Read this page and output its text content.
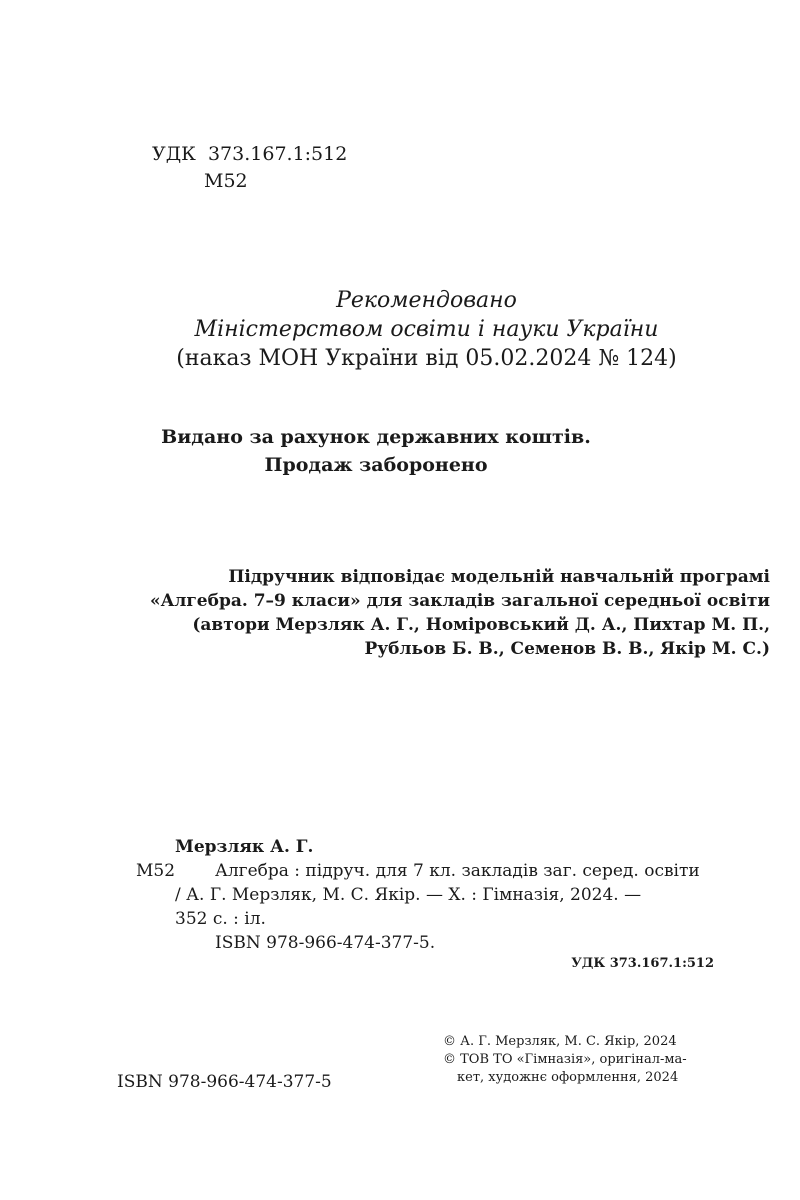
УДК  373.167.1:512
М52
Рекомендовано
Міністерством освіти і науки України
(наказ МОН України від 05.02.2024 № 124)
Видано за рахунок державних коштів.
Продаж заборонено
Підручник відповідає модельній навчальній програмі
«Алгебра. 7–9 класи» для закладів загальної середньої освіти
(автори Мерзляк А. Г., Номіровський Д. А., Пихтар М. П.,
Рубльов Б. В., Семенов В. В., Якір М. С.)
Мерзляк А. Г.
М52	Алгебра : підруч. для 7 кл. закладів заг. серед. освіти
/ А. Г. Мерзляк, М. С. Якір. — Х. : Гімназія, 2024. —
352 с. : іл.
ISBN 978-966-474-377-5.
УДК 373.167.1:512
© А. Г. Мерзляк, М. С. Якір, 2024
© ТОВ ТО «Гімназія», оригінал-ма-
кет, художнє оформлення, 2024
ISBN 978-966-474-377-5
